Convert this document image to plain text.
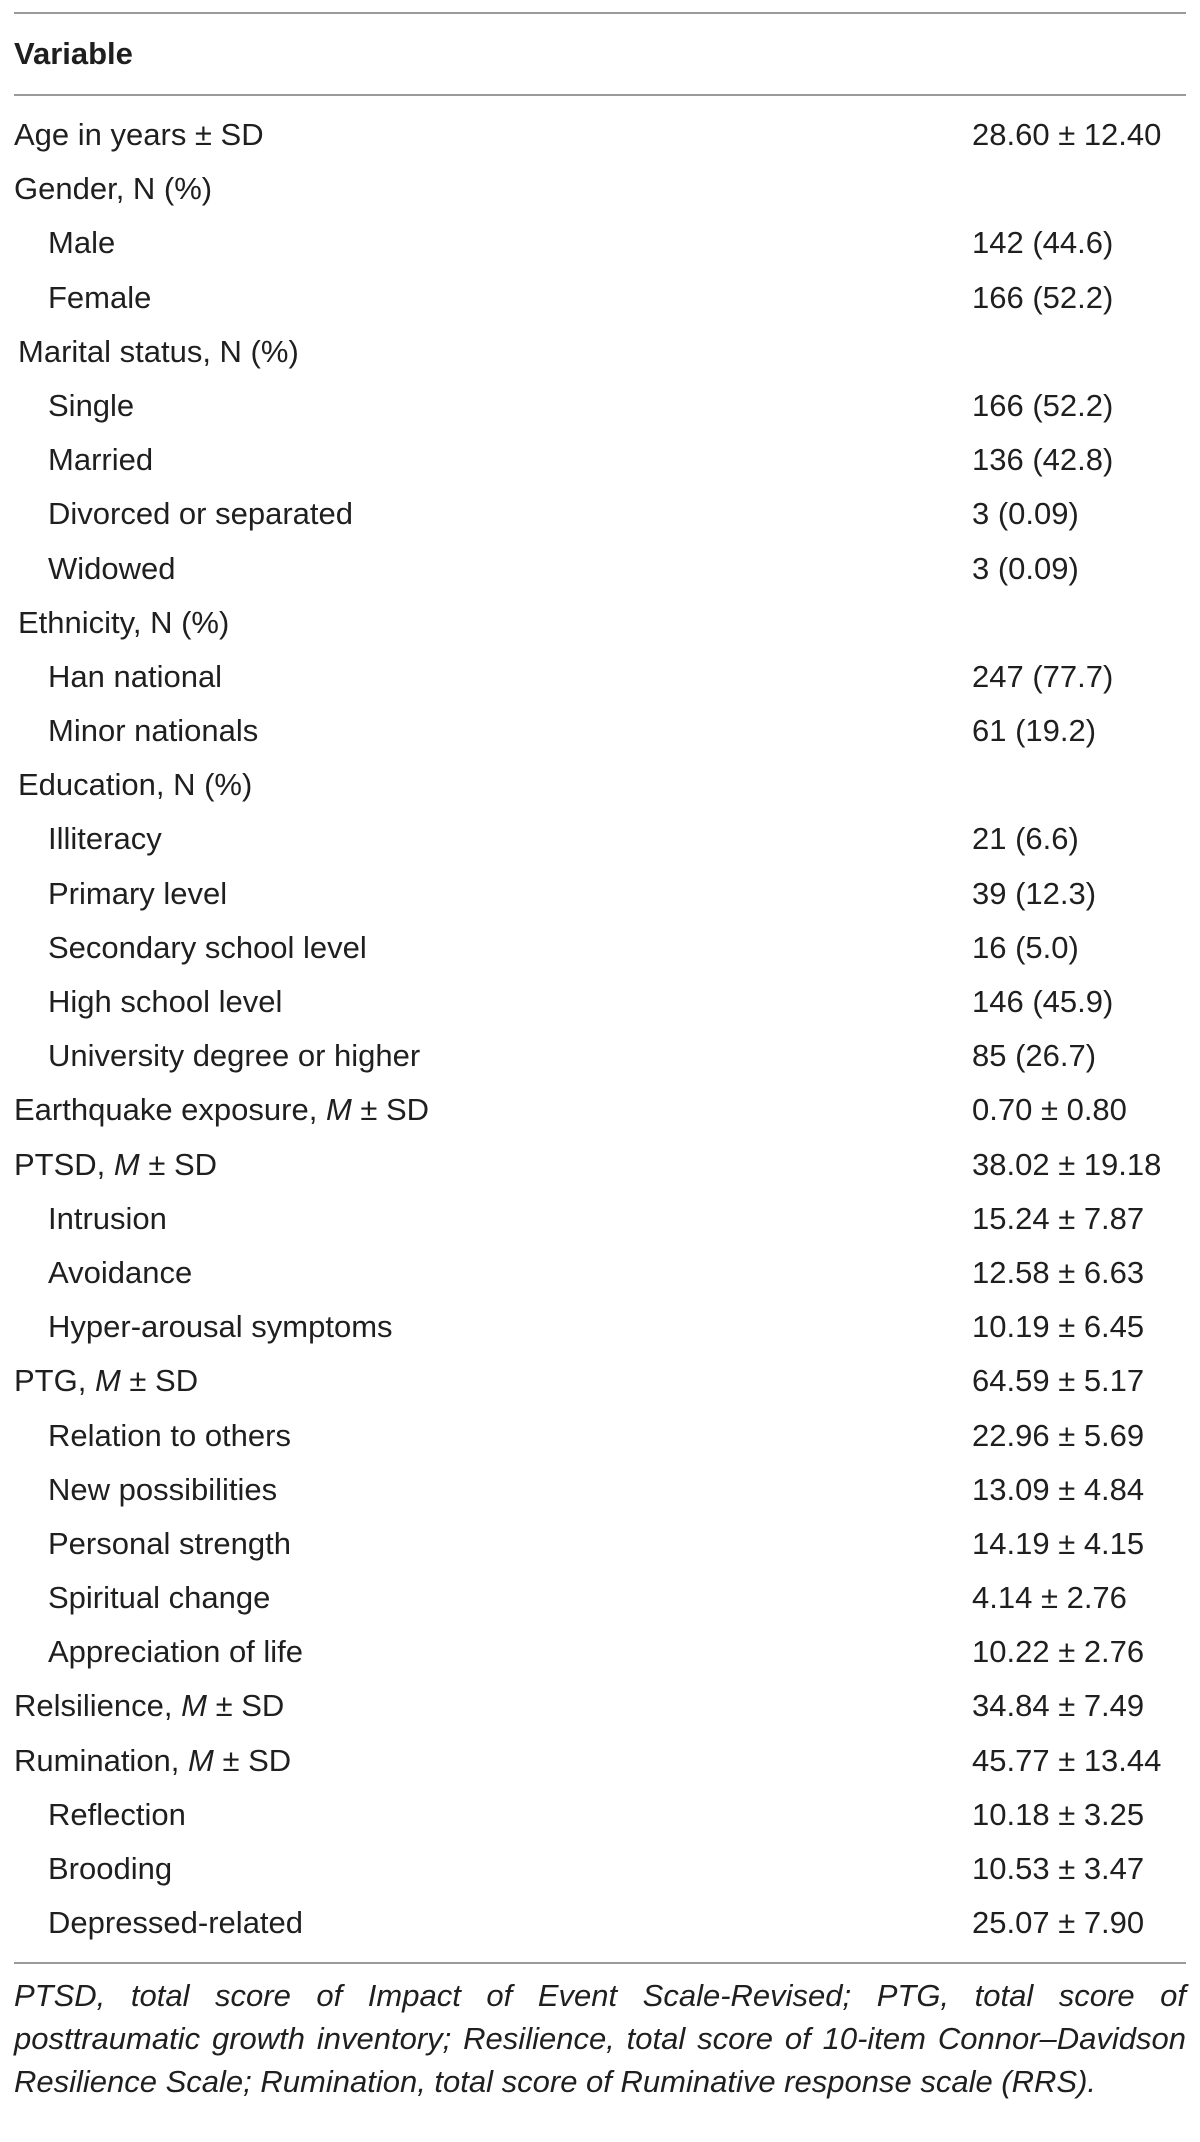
Variable
Age in years ± SD	28.60 ± 12.40
Gender, N (%)
Male	142 (44.6)
Female	166 (52.2)
Marital status, N (%)
Single	166 (52.2)
Married	136 (42.8)
Divorced or separated	3 (0.09)
Widowed	3 (0.09)
Ethnicity, N (%)
Han national	247 (77.7)
Minor nationals	61 (19.2)
Education, N (%)
Illiteracy	21 (6.6)
Primary level	39 (12.3)
Secondary school level	16 (5.0)
High school level	146 (45.9)
University degree or higher	85 (26.7)
Earthquake exposure, M ± SD	0.70 ± 0.80
PTSD, M ± SD	38.02 ± 19.18
Intrusion	15.24 ± 7.87
Avoidance	12.58 ± 6.63
Hyper-arousal symptoms	10.19 ± 6.45
PTG, M ± SD	64.59 ± 5.17
Relation to others	22.96 ± 5.69
New possibilities	13.09 ± 4.84
Personal strength	14.19 ± 4.15
Spiritual change	4.14 ± 2.76
Appreciation of life	10.22 ± 2.76
Relsilience, M ± SD	34.84 ± 7.49
Rumination, M ± SD	45.77 ± 13.44
Reflection	10.18 ± 3.25
Brooding	10.53 ± 3.47
Depressed-related	25.07 ± 7.90
PTSD, total score of Impact of Event Scale-Revised; PTG, total score of posttraumatic growth inventory; Resilience, total score of 10-item Connor–Davidson Resilience Scale; Rumination, total score of Ruminative response scale (RRS).
